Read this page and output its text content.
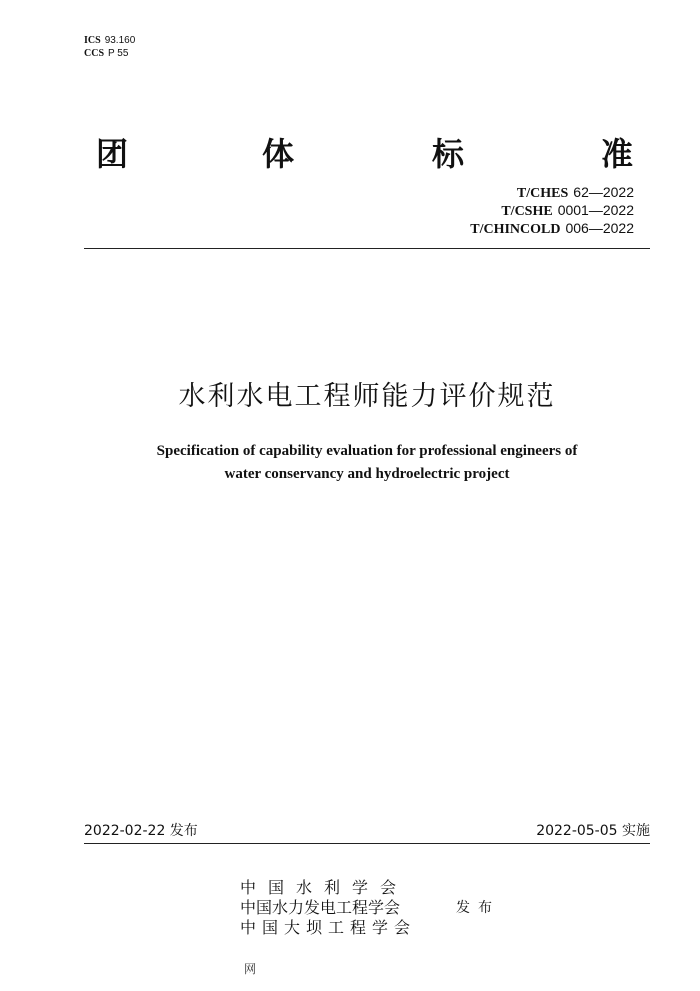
ICS 93.160
CCS P 55
团	体	标	准
T/CHES 62—2022
T/CSHE 0001—2022
T/CHINCOLD 006—2022
水利水电工程师能力评价规范
Specification of capability evaluation for professional engineers of
water conservancy and hydroelectric project
2022-02-22 发布	2022-05-05 实施
中国水利学会
中国水力发电工程学会
中国大坝工程学会
发布
网
